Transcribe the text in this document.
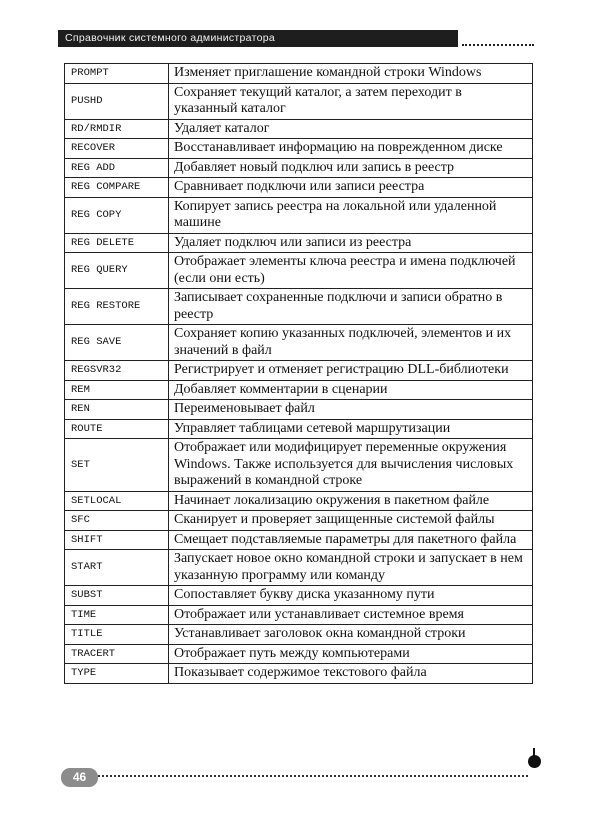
Справочник системного администратора
PROMPT	Изменяет приглашение командной строки Windows
PUSHD	Сохраняет текущий каталог, а затем переходит в указанный каталог
RD/RMDIR	Удаляет каталог
RECOVER	Восстанавливает информацию на поврежденном диске
REG ADD	Добавляет новый подключ или запись в реестр
REG COMPARE	Сравнивает подключи или записи реестра
REG COPY	Копирует запись реестра на локальной или удаленной машине
REG DELETE	Удаляет подключ или записи из реестра
REG QUERY	Отображает элементы ключа реестра и имена подключей (если они есть)
REG RESTORE	Записывает сохраненные подключи и записи обратно в реестр
REG SAVE	Сохраняет копию указанных подключей, элементов и их значений в файл
REGSVR32	Регистрирует и отменяет регистрацию DLL-библиотеки
REM	Добавляет комментарии в сценарии
REN	Переименовывает файл
ROUTE	Управляет таблицами сетевой маршрутизации
SET	Отображает или модифицирует переменные окружения Windows. Также используется для вычисления числовых выражений в командной строке
SETLOCAL	Начинает локализацию окружения в пакетном файле
SFC	Сканирует и проверяет защищенные системой файлы
SHIFT	Смещает подставляемые параметры для пакетного файла
START	Запускает новое окно командной строки и запускает в нем указанную программу или команду
SUBST	Сопоставляет букву диска указанному пути
TIME	Отображает или устанавливает системное время
TITLE	Устанавливает заголовок окна командной строки
TRACERT	Отображает путь между компьютерами
TYPE	Показывает содержимое текстового файла
46
